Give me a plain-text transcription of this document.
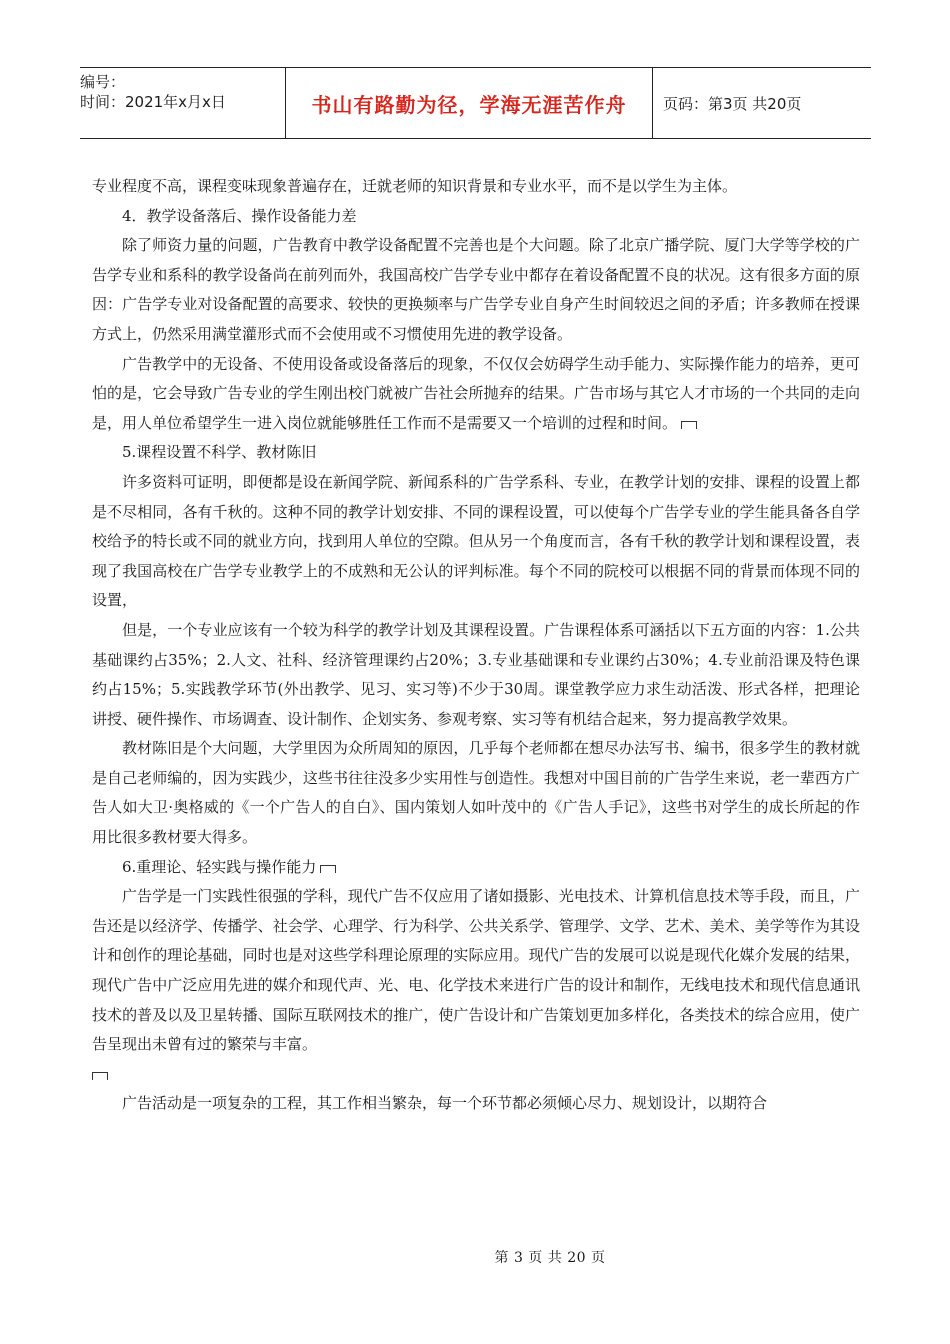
编号：
时间：2021年x月x日	书山有路勤为径，学海无涯苦作舟 页码：第3页 共20页

专业程度不高，课程变味现象普遍存在，迁就老师的知识背景和专业水平，而不是以学生为主体。

4．教学设备落后、操作设备能力差

除了师资力量的问题，广告教育中教学设备配置不完善也是个大问题。除了北京广播学院、厦门大学等学校的广告学专业和系科的教学设备尚在前列而外，我国高校广告学专业中都存在着设备配置不良的状况。这有很多方面的原因：广告学专业对设备配置的高要求、较快的更换频率与广告学专业自身产生时间较迟之间的矛盾；许多教师在授课方式上，仍然采用满堂灌形式而不会使用或不习惯使用先进的教学设备。

广告教学中的无设备、不使用设备或设备落后的现象，不仅仅会妨碍学生动手能力、实际操作能力的培养，更可怕的是，它会导致广告专业的学生刚出校门就被广告社会所抛弃的结果。广告市场与其它人才市场的一个共同的走向是，用人单位希望学生一进入岗位就能够胜任工作而不是需要又一个培训的过程和时间。

5.课程设置不科学、教材陈旧

许多资料可证明，即便都是设在新闻学院、新闻系科的广告学系科、专业，在教学计划的安排、课程的设置上都是不尽相同，各有千秋的。这种不同的教学计划安排、不同的课程设置，可以使每个广告学专业的学生能具备各自学校给予的特长或不同的就业方向，找到用人单位的空隙。但从另一个角度而言，各有千秋的教学计划和课程设置，表现了我国高校在广告学专业教学上的不成熟和无公认的评判标准。每个不同的院校可以根据不同的背景而体现不同的设置，

但是，一个专业应该有一个较为科学的教学计划及其课程设置。广告课程体系可涵括以下五方面的内容：1.公共基础课约占35%；2.人文、社科、经济管理课约占20%；3.专业基础课和专业课约占30%；4.专业前沿课及特色课约占15%；5.实践教学环节(外出教学、见习、实习等)不少于30周。课堂教学应力求生动活泼、形式各样，把理论讲授、硬件操作、市场调查、设计制作、企划实务、参观考察、实习等有机结合起来，努力提高教学效果。

教材陈旧是个大问题，大学里因为众所周知的原因，几乎每个老师都在想尽办法写书、编书，很多学生的教材就是自己老师编的，因为实践少，这些书往往没多少实用性与创造性。我想对中国目前的广告学生来说，老一辈西方广告人如大卫·奥格威的《一个广告人的自白》、国内策划人如叶茂中的《广告人手记》，这些书对学生的成长所起的作用比很多教材要大得多。

6.重理论、轻实践与操作能力

广告学是一门实践性很强的学科，现代广告不仅应用了诸如摄影、光电技术、计算机信息技术等手段，而且，广告还是以经济学、传播学、社会学、心理学、行为科学、公共关系学、管理学、文学、艺术、美术、美学等作为其设计和创作的理论基础，同时也是对这些学科理论原理的实际应用。现代广告的发展可以说是现代化媒介发展的结果，现代广告中广泛应用先进的媒介和现代声、光、电、化学技术来进行广告的设计和制作，无线电技术和现代信息通讯技术的普及以及卫星转播、国际互联网技术的推广，使广告设计和广告策划更加多样化，各类技术的综合应用，使广告呈现出未曾有过的繁荣与丰富。

广告活动是一项复杂的工程，其工作相当繁杂，每一个环节都必须倾心尽力、规划设计，以期符合

第 3 页 共 20 页
